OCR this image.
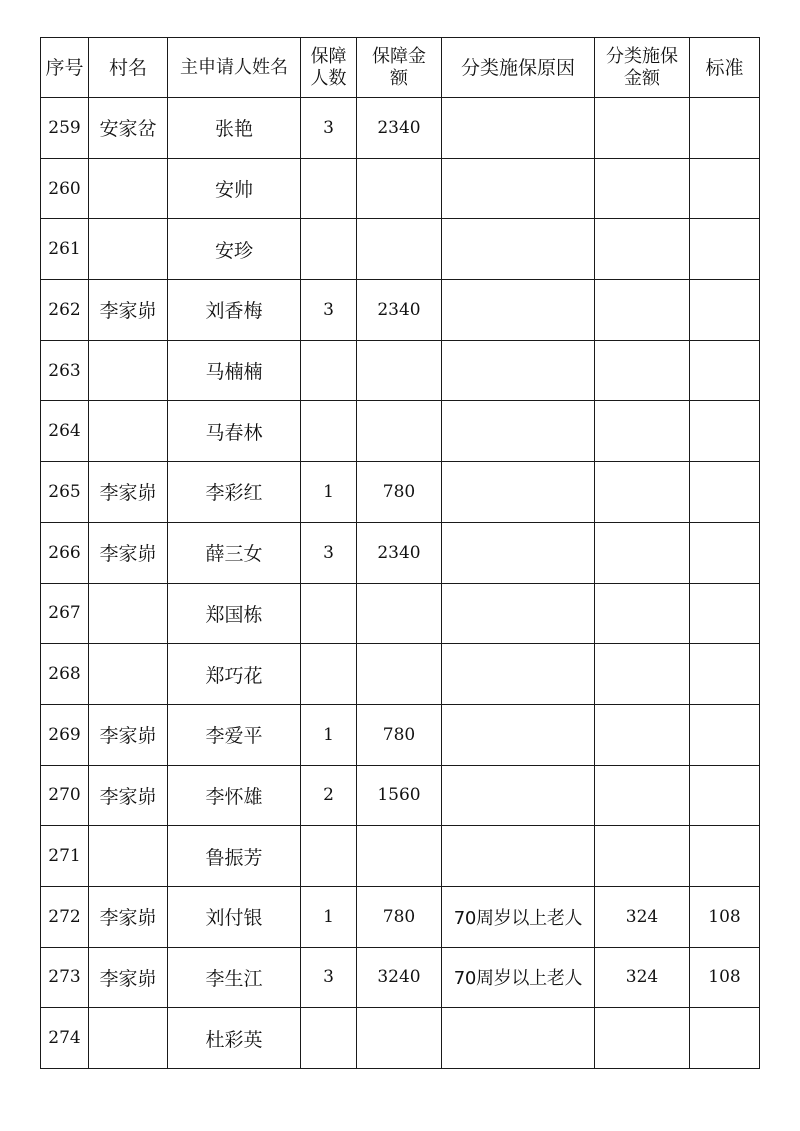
序号	村名	主申请人姓名	保障人数	保障金额	分类施保原因	分类施保金额	标准
259	安家岔	张艳	3	2340			
260		安帅					
261		安珍					
262	李家峁	刘香梅	3	2340			
263		马楠楠					
264		马春林					
265	李家峁	李彩红	1	780			
266	李家峁	薛三女	3	2340			
267		郑国栋					
268		郑巧花					
269	李家峁	李爱平	1	780			
270	李家峁	李怀雄	2	1560			
271		鲁振芳					
272	李家峁	刘付银	1	780	70周岁以上老人	324	108
273	李家峁	李生江	3	3240	70周岁以上老人	324	108
274		杜彩英					
